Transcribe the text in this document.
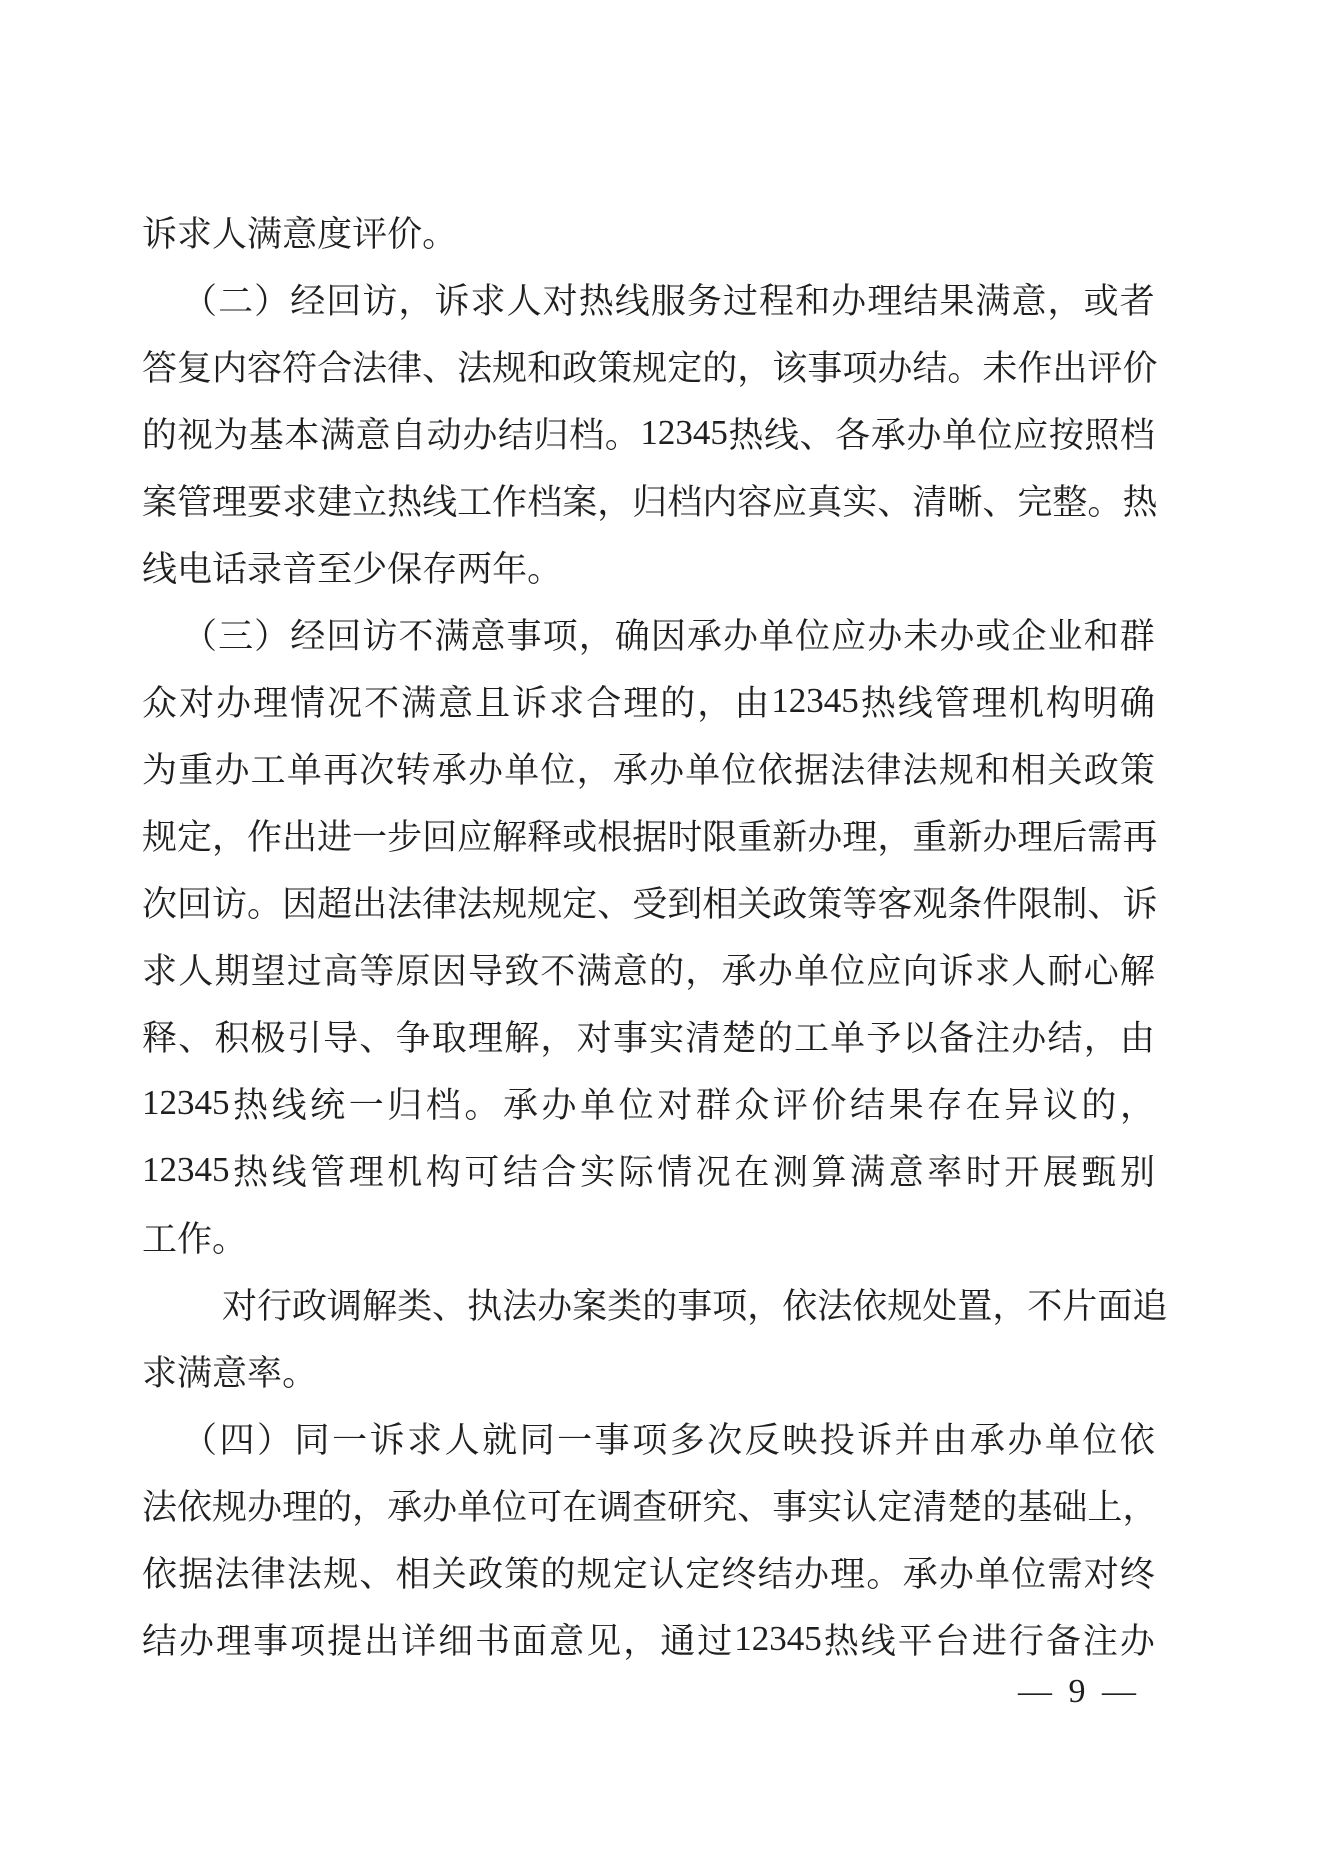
诉 求 人 满 意 度 评 价 。
（ 二 ） 经 回 访 ， 诉 求 人 对 热 线 服 务 过 程 和 办 理 结 果 满 意 ， 或 者
答 复 内 容 符 合 法 律 、 法 规 和 政 策 规 定 的 ， 该 事 项 办 结 。 未 作 出 评 价
的 视 为 基 本 满 意 自 动 办 结 归 档 。 12345 热 线 、 各 承 办 单 位 应 按 照 档
案 管 理 要 求 建 立 热 线 工 作 档 案 ， 归 档 内 容 应 真 实 、 清 晰 、 完 整 。 热
线 电 话 录 音 至 少 保 存 两 年 。
（ 三 ） 经 回 访 不 满 意 事 项 ， 确 因 承 办 单 位 应 办 未 办 或 企 业 和 群
众 对 办 理 情 况 不 满 意 且 诉 求 合 理 的 ， 由 12345 热 线 管 理 机 构 明 确
为 重 办 工 单 再 次 转 承 办 单 位 ， 承 办 单 位 依 据 法 律 法 规 和 相 关 政 策
规 定 ， 作 出 进 一 步 回 应 解 释 或 根 据 时 限 重 新 办 理 ， 重 新 办 理 后 需 再
次 回 访 。 因 超 出 法 律 法 规 规 定 、 受 到 相 关 政 策 等 客 观 条 件 限 制 、 诉
求 人 期 望 过 高 等 原 因 导 致 不 满 意 的 ， 承 办 单 位 应 向 诉 求 人 耐 心 解
释 、 积 极 引 导 、 争 取 理 解 ， 对 事 实 清 楚 的 工 单 予 以 备 注 办 结 ， 由
12345 热 线 统 一 归 档 。 承 办 单 位 对 群 众 评 价 结 果 存 在 异 议 的 ，
12345 热 线 管 理 机 构 可 结 合 实 际 情 况 在 测 算 满 意 率 时 开 展 甄 别
工 作 。
对 行 政 调 解 类 、 执 法 办 案 类 的 事 项 ， 依 法 依 规 处 置 ， 不 片 面 追
求 满 意 率 。
（ 四 ） 同 一 诉 求 人 就 同 一 事 项 多 次 反 映 投 诉 并 由 承 办 单 位 依
法 依 规 办 理 的 ， 承 办 单 位 可 在 调 查 研 究 、 事 实 认 定 清 楚 的 基 础 上 ，
依 据 法 律 法 规 、 相 关 政 策 的 规 定 认 定 终 结 办 理 。 承 办 单 位 需 对 终
结 办 理 事 项 提 出 详 细 书 面 意 见 ， 通 过 12345 热 线 平 台 进 行 备 注 办
— 9 —
